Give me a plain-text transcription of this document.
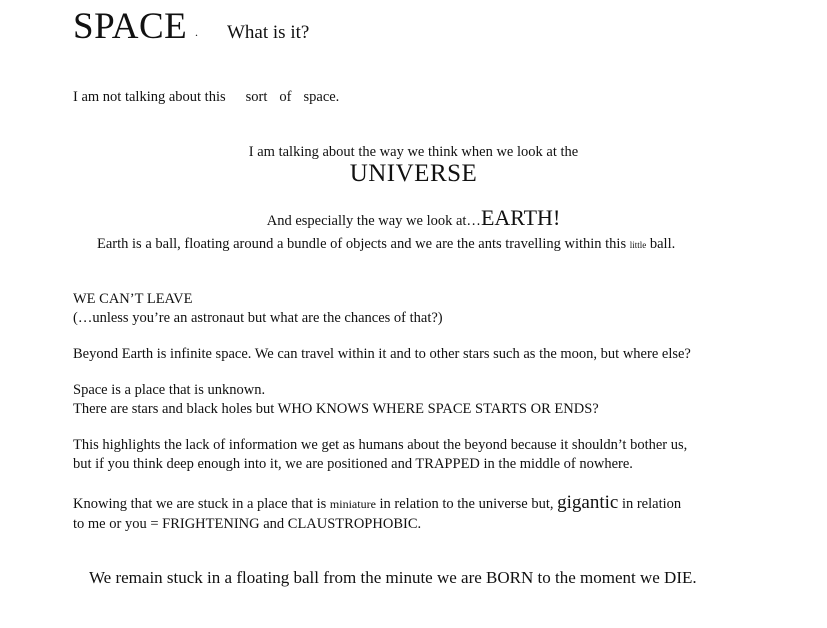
SPACE . What is it?
I am not talking about this sort of space.
I am talking about the way we think when we look at the
UNIVERSE
And especially the way we look at…EARTH!
Earth is a ball, floating around a bundle of objects and we are the ants travelling within this little ball.
WE CAN’T LEAVE
(…unless you’re an astronaut but what are the chances of that?)
Beyond Earth is infinite space. We can travel within it and to other stars such as the moon, but where else?
Space is a place that is unknown.
There are stars and black holes but WHO KNOWS WHERE SPACE STARTS OR ENDS?
This highlights the lack of information we get as humans about the beyond because it shouldn’t bother us,
but if you think deep enough into it, we are positioned and TRAPPED in the middle of nowhere.
Knowing that we are stuck in a place that is miniature in relation to the universe but, gigantic in relation
to me or you = FRIGHTENING and CLAUSTROPHOBIC.
We remain stuck in a floating ball from the minute we are BORN to the moment we DIE.
